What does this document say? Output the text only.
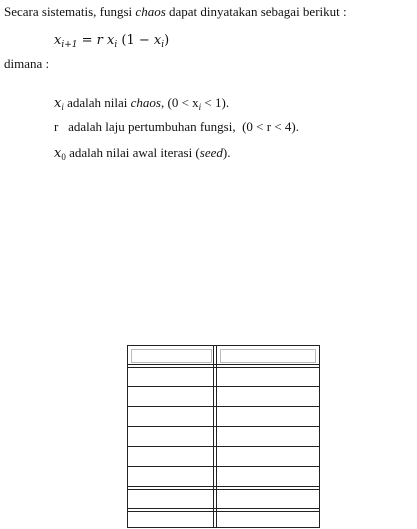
Secara sistematis, fungsi chaos dapat dinyatakan sebagai berikut :
$x_{i+1} = r$ $x_i$ $(1 - x_i)$
dimana :
$x_i$ adalah nilai chaos, $(0 < x_i < 1)$.
r   adalah laju pertumbuhan fungsi,  (0 < r < 4).
$x_0$ adalah nilai awal iterasi (seed).
